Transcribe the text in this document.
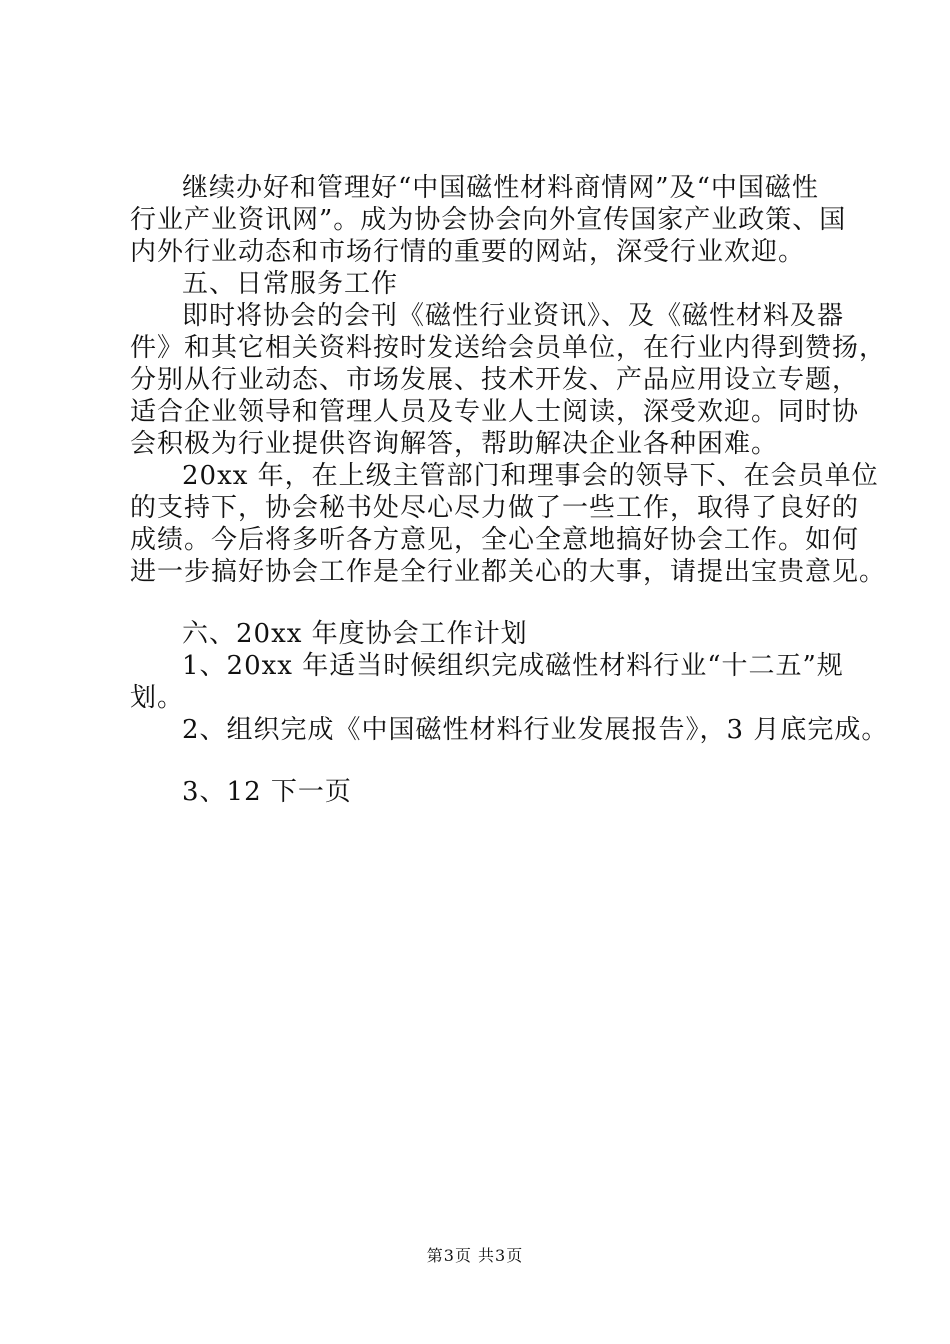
继续办好和管理好“中国磁性材料商情网”及“中国磁性
行业产业资讯网”。成为协会协会向外宣传国家产业政策、国
内外行业动态和市场行情的重要的网站，深受行业欢迎。

五、日常服务工作

即时将协会的会刊《磁性行业资讯》、及《磁性材料及器
件》和其它相关资料按时发送给会员单位，在行业内得到赞扬，
分别从行业动态、市场发展、技术开发、产品应用设立专题，
适合企业领导和管理人员及专业人士阅读，深受欢迎。同时协
会积极为行业提供咨询解答，帮助解决企业各种困难。

20xx 年，在上级主管部门和理事会的领导下、在会员单位
的支持下，协会秘书处尽心尽力做了一些工作，取得了良好的
成绩。今后将多听各方意见，全心全意地搞好协会工作。如何
进一步搞好协会工作是全行业都关心的大事，请提出宝贵意见。

六、20xx 年度协会工作计划

1、20xx 年适当时候组织完成磁性材料行业“十二五”规
划。

2、组织完成《中国磁性材料行业发展报告》，3 月底完成。

3、12 下一页

第3页 共3页
